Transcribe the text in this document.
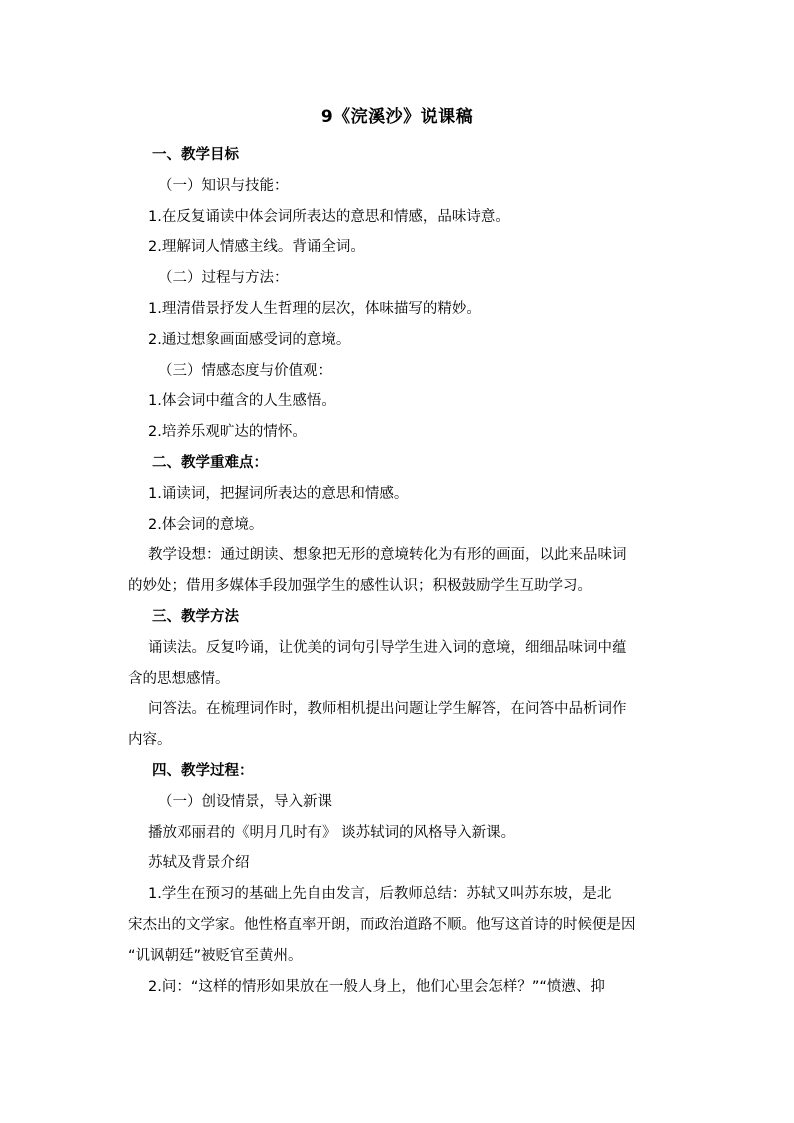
9《浣溪沙》说课稿
一、教学目标
（一）知识与技能：
1.在反复诵读中体会词所表达的意思和情感，品味诗意。
2.理解词人情感主线。背诵全词。
（二）过程与方法：
1.理清借景抒发人生哲理的层次，体味描写的精妙。
2.通过想象画面感受词的意境。
（三）情感态度与价值观：
1.体会词中蕴含的人生感悟。
2.培养乐观旷达的情怀。
二、教学重难点：
1.诵读词，把握词所表达的意思和情感。
2.体会词的意境。
教学设想：通过朗读、想象把无形的意境转化为有形的画面，以此来品味词
的妙处；借用多媒体手段加强学生的感性认识；积极鼓励学生互助学习。
三、教学方法
诵读法。反复吟诵，让优美的词句引导学生进入词的意境，细细品味词中蕴
含的思想感情。
问答法。在梳理词作时，教师相机提出问题让学生解答，在问答中品析词作
内容。
四、教学过程：
（一）创设情景，导入新课
播放邓丽君的《明月几时有》 谈苏轼词的风格导入新课。
苏轼及背景介绍
1.学生在预习的基础上先自由发言，后教师总结：苏轼又叫苏东坡，是北
宋杰出的文学家。他性格直率开朗，而政治道路不顺。他写这首诗的时候便是因
“讥讽朝廷”被贬官至黄州。
2.问：“这样的情形如果放在一般人身上，他们心里会怎样？”“愤懑、抑
